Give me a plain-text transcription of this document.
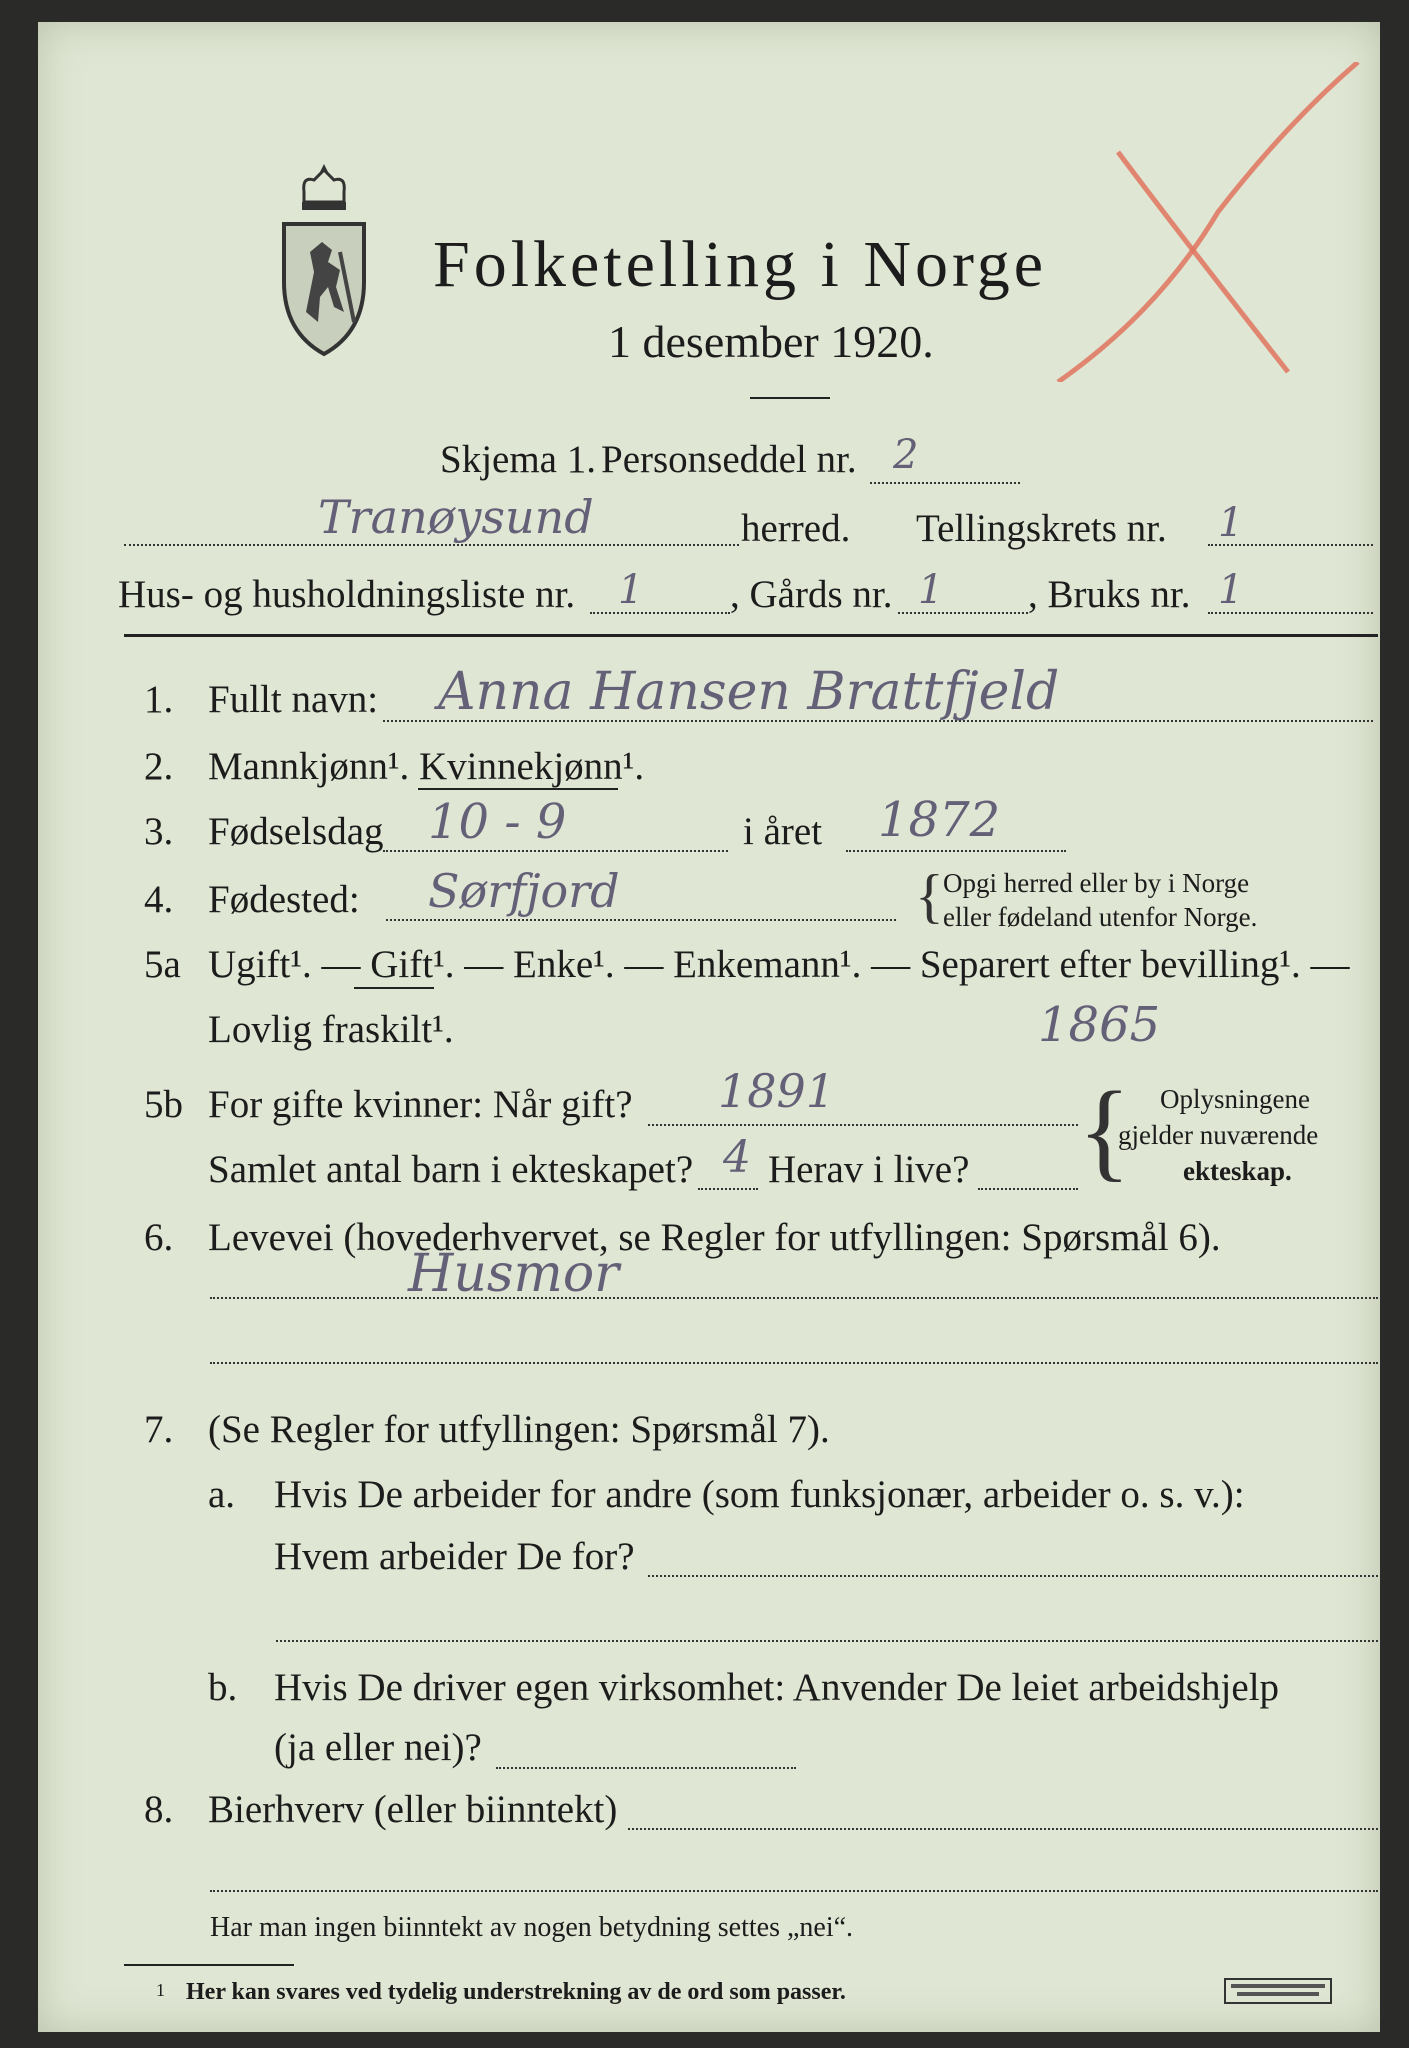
Folketelling i Norge
1 desember 1920.
Skjema 1. Personseddel nr. 2
Tranøysund	herred. Tellingskrets nr. 1
Hus- og husholdningsliste nr. 1 , Gårds nr. 1 , Bruks nr. 1
1. Fullt navn: Anna Hansen Brattfjeld
2. Mannkjønn¹. Kvinnekjønn¹.
3. Fødselsdag 10 - 9	i året 1872
4. Fødested: Sørfjord	{ Opgi herred eller by i Norge
eller fødeland utenfor Norge.
5a Ugift¹. — Gift¹. — Enke¹. — Enkemann¹. — Separert efter bevilling¹. —
Lovlig fraskilt¹.	1865
5b For gifte kvinner: Når gift? 1891
Samlet antal barn i ekteskapet? 4 Herav i live? { Oplysningene
gjelder nuværende
ekteskap.
6. Levevei (hovederhvervet, se Regler for utfyllingen: Spørsmål 6).
Husmor
7. (Se Regler for utfyllingen: Spørsmål 7).
a. Hvis De arbeider for andre (som funksjonær, arbeider o. s. v.):
Hvem arbeider De for?
b. Hvis De driver egen virksomhet: Anvender De leiet arbeidshjelp
(ja eller nei)?
8. Bierhverv (eller biinntekt)
Har man ingen biinntekt av nogen betydning settes „nei“.
1 Her kan svares ved tydelig understrekning av de ord som passer.
